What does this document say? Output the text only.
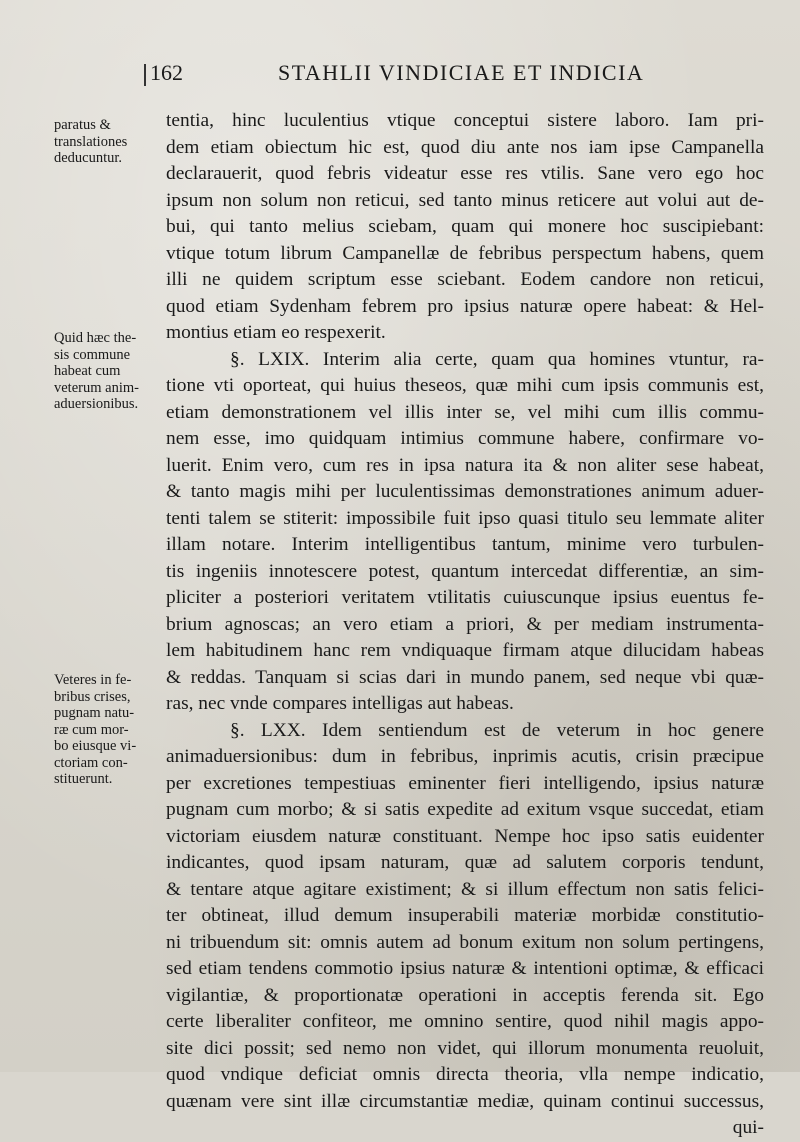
162	STAHLII VINDICIAE ET INDICIA
paratus &
translationes
deducuntur.
Quid hæc the-
sis commune
habeat cum
veterum anim-
aduersionibus.
Veteres in fe-
bribus crises,
pugnam natu-
ræ cum mor-
bo eiusque vi-
ctoriam con-
stituerunt.
tentia, hinc luculentius vtique conceptui sistere laboro. Iam pri-
dem etiam obiectum hic est, quod diu ante nos iam ipse Campanella
declarauerit, quod febris videatur esse res vtilis. Sane vero ego hoc
ipsum non solum non reticui, sed tanto minus reticere aut volui aut de-
bui, qui tanto melius sciebam, quam qui monere hoc suscipiebant:
vtique totum librum Campanellæ de febribus perspectum habens, quem
illi ne quidem scriptum esse sciebant. Eodem candore non reticui,
quod etiam Sydenham febrem pro ipsius naturæ opere habeat: & Hel-
montius etiam eo respexerit.
§. LXIX. Interim alia certe, quam qua homines vtuntur, ra-
tione vti oporteat, qui huius theseos, quæ mihi cum ipsis communis est,
etiam demonstrationem vel illis inter se, vel mihi cum illis commu-
nem esse, imo quidquam intimius commune habere, confirmare vo-
luerit. Enim vero, cum res in ipsa natura ita & non aliter sese habeat,
& tanto magis mihi per luculentissimas demonstrationes animum aduer-
tenti talem se stiterit: impossibile fuit ipso quasi titulo seu lemmate aliter
illam notare. Interim intelligentibus tantum, minime vero turbulen-
tis ingeniis innotescere potest, quantum intercedat differentiæ, an sim-
pliciter a posteriori veritatem vtilitatis cuiuscunque ipsius euentus fe-
brium agnoscas; an vero etiam a priori, & per mediam instrumenta-
lem habitudinem hanc rem vndiquaque firmam atque dilucidam habeas
& reddas. Tanquam si scias dari in mundo panem, sed neque vbi quæ-
ras, nec vnde compares intelligas aut habeas.
§. LXX. Idem sentiendum est de veterum in hoc genere
animaduersionibus: dum in febribus, inprimis acutis, crisin præcipue
per excretiones tempestiuas eminenter fieri intelligendo, ipsius naturæ
pugnam cum morbo; & si satis expedite ad exitum vsque succedat, etiam
victoriam eiusdem naturæ constituant. Nempe hoc ipso satis euidenter
indicantes, quod ipsam naturam, quæ ad salutem corporis tendunt,
& tentare atque agitare existiment; & si illum effectum non satis felici-
ter obtineat, illud demum insuperabili materiæ morbidæ constitutio-
ni tribuendum sit: omnis autem ad bonum exitum non solum pertingens,
sed etiam tendens commotio ipsius naturæ & intentioni optimæ, & efficaci
vigilantiæ, & proportionatæ operationi in acceptis ferenda sit. Ego
certe liberaliter confiteor, me omnino sentire, quod nihil magis appo-
site dici possit; sed nemo non videt, qui illorum monumenta reuoluit,
quod vndique deficiat omnis directa theoria, vlla nempe indicatio,
quænam vere sint illæ circumstantiæ mediæ, quinam continui successus,
qui-
